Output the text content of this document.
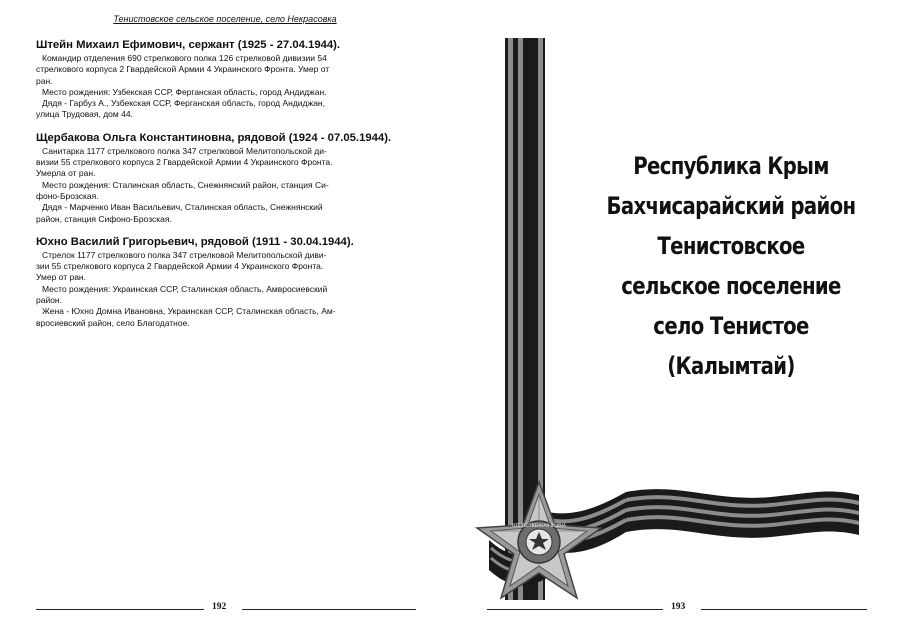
Тенистовское сельское поселение, село Некрасовка
Штейн Михаил Ефимович, сержант (1925 - 27.04.1944).
Командир отделения 690 стрелкового полка 126 стрелковой дивизии 54
стрелкового корпуса 2 Гвардейской Армии 4 Украинского Фронта. Умер от
ран.
Место рождения: Узбекская ССР, Ферганская область, город Андиджан.
Дядя - Гарбуз А., Узбекская ССР, Ферганская область, город Андиджан,
улица Трудовая, дом 44.
Щербакова Ольга Константиновна, рядовой (1924 - 07.05.1944).
Санитарка 1177 стрелкового полка 347 стрелковой Мелитопольской ди-
визии 55 стрелкового корпуса 2 Гвардейской Армии 4 Украинского Фронта.
Умерла от ран.
Место рождения: Сталинская область, Снежнянский район, станция Си-
фоно-Брозская.
Дядя - Марченко Иван Васильевич, Сталинская область, Снежнянский
район, станция Сифоно-Брозская.
Юхно Василий Григорьевич, рядовой (1911 - 30.04.1944).
Стрелок 1177 стрелкового полка 347 стрелковой Мелитопольской диви-
зии 55 стрелкового корпуса 2 Гвардейской Армии 4 Украинского Фронта.
Умер от ран.
Место рождения: Украинская ССР, Сталинская область, Амвросиевский
район.
Жена - Юхно Домна Ивановна, Украинская ССР, Сталинская область, Ам-
вросиевский район, село Благодатное.
192
ОТЕЧЕСТВЕННАЯ ВОЙНА
Республика Крым
Бахчисарайский район
Тенистовское
сельское поселение
село Тенистое
(Калымтай)
193
